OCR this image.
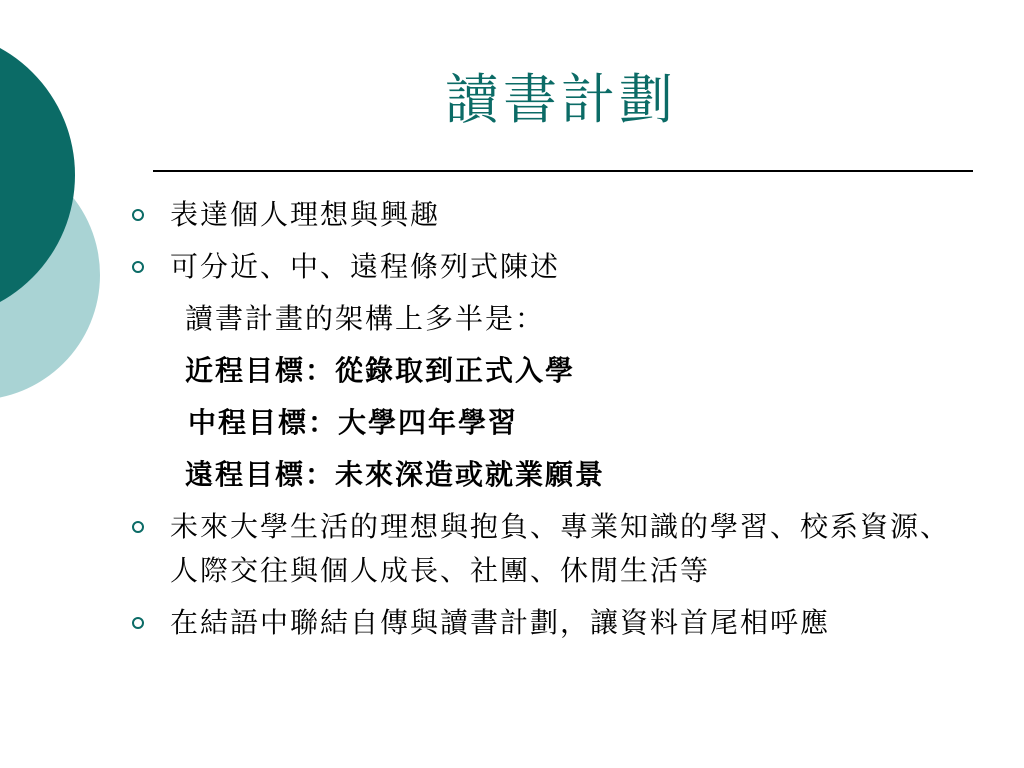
讀書計劃
表達個人理想與興趣
可分近、中、遠程條列式陳述
讀書計畫的架構上多半是：
近程目標：從錄取到正式入學
中程目標：大學四年學習
遠程目標：未來深造或就業願景
未來大學生活的理想與抱負、專業知識的學習、校系資源、人際交往與個人成長、社團、休閒生活等
在結語中聯結自傳與讀書計劃，讓資料首尾相呼應
